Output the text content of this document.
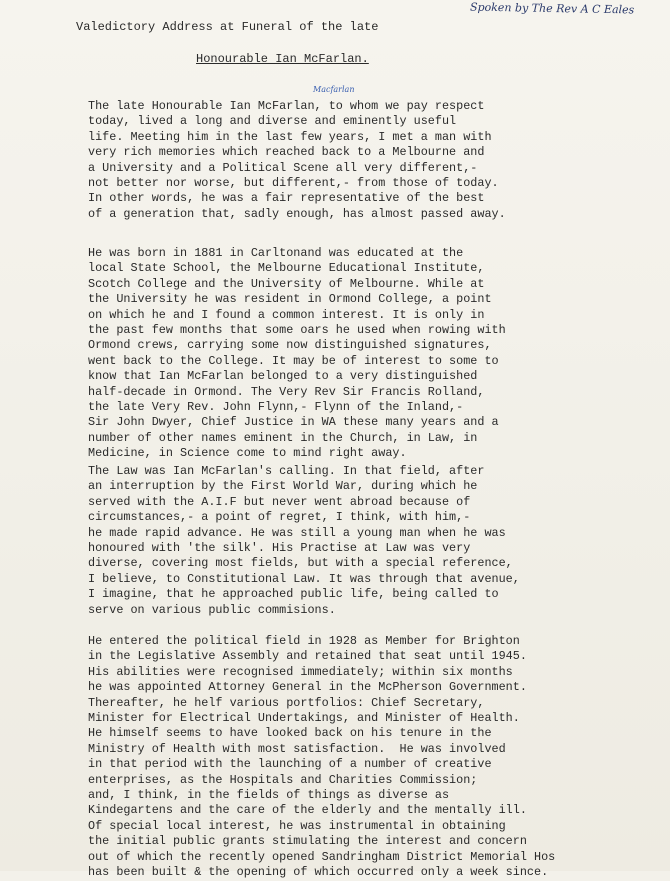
Spoken by The Rev A C Eales
Valedictory Address at Funeral of the late
Honourable Ian McFarlan.
Macfarlan
The late Honourable Ian McFarlan, to whom we pay respect
today, lived a long and diverse and eminently useful
life. Meeting him in the last few years, I met a man with
very rich memories which reached back to a Melbourne and
a University and a Political Scene all very different,-
not better nor worse, but different,- from those of today.
In other words, he was a fair representative of the best
of a generation that, sadly enough, has almost passed away.
He was born in 1881 in Carltonand was educated at the
local State School, the Melbourne Educational Institute,
Scotch College and the University of Melbourne. While at
the University he was resident in Ormond College, a point
on which he and I found a common interest. It is only in
the past few months that some oars he used when rowing with
Ormond crews, carrying some now distinguished signatures,
went back to the College. It may be of interest to some to
know that Ian McFarlan belonged to a very distinguished
half-decade in Ormond. The Very Rev Sir Francis Rolland,
the late Very Rev. John Flynn,- Flynn of the Inland,-
Sir John Dwyer, Chief Justice in WA these many years and a
number of other names eminent in the Church, in Law, in
Medicine, in Science come to mind right away.
The Law was Ian McFarlan's calling. In that field, after
an interruption by the First World War, during which he
served with the A.I.F but never went abroad because of
circumstances,- a point of regret, I think, with him,-
he made rapid advance. He was still a young man when he was
honoured with 'the silk'. His Practise at Law was very
diverse, covering most fields, but with a special reference,
I believe, to Constitutional Law. It was through that avenue,
I imagine, that he approached public life, being called to
serve on various public commisions.
He entered the political field in 1928 as Member for Brighton
in the Legislative Assembly and retained that seat until 1945.
His abilities were recognised immediately; within six months
he was appointed Attorney General in the McPherson Government.
Thereafter, he helf various portfolios: Chief Secretary,
Minister for Electrical Undertakings, and Minister of Health.
He himself seems to have looked back on his tenure in the
Ministry of Health with most satisfaction.  He was involved
in that period with the launching of a number of creative
enterprises, as the Hospitals and Charities Commission;
and, I think, in the fields of things as diverse as
Kindegartens and the care of the elderly and the mentally ill.
Of special local interest, he was instrumental in obtaining
the initial public grants stimulating the interest and concern
out of which the recently opened Sandringham District Memorial Hos
has been built & the opening of which occurred only a week since.
